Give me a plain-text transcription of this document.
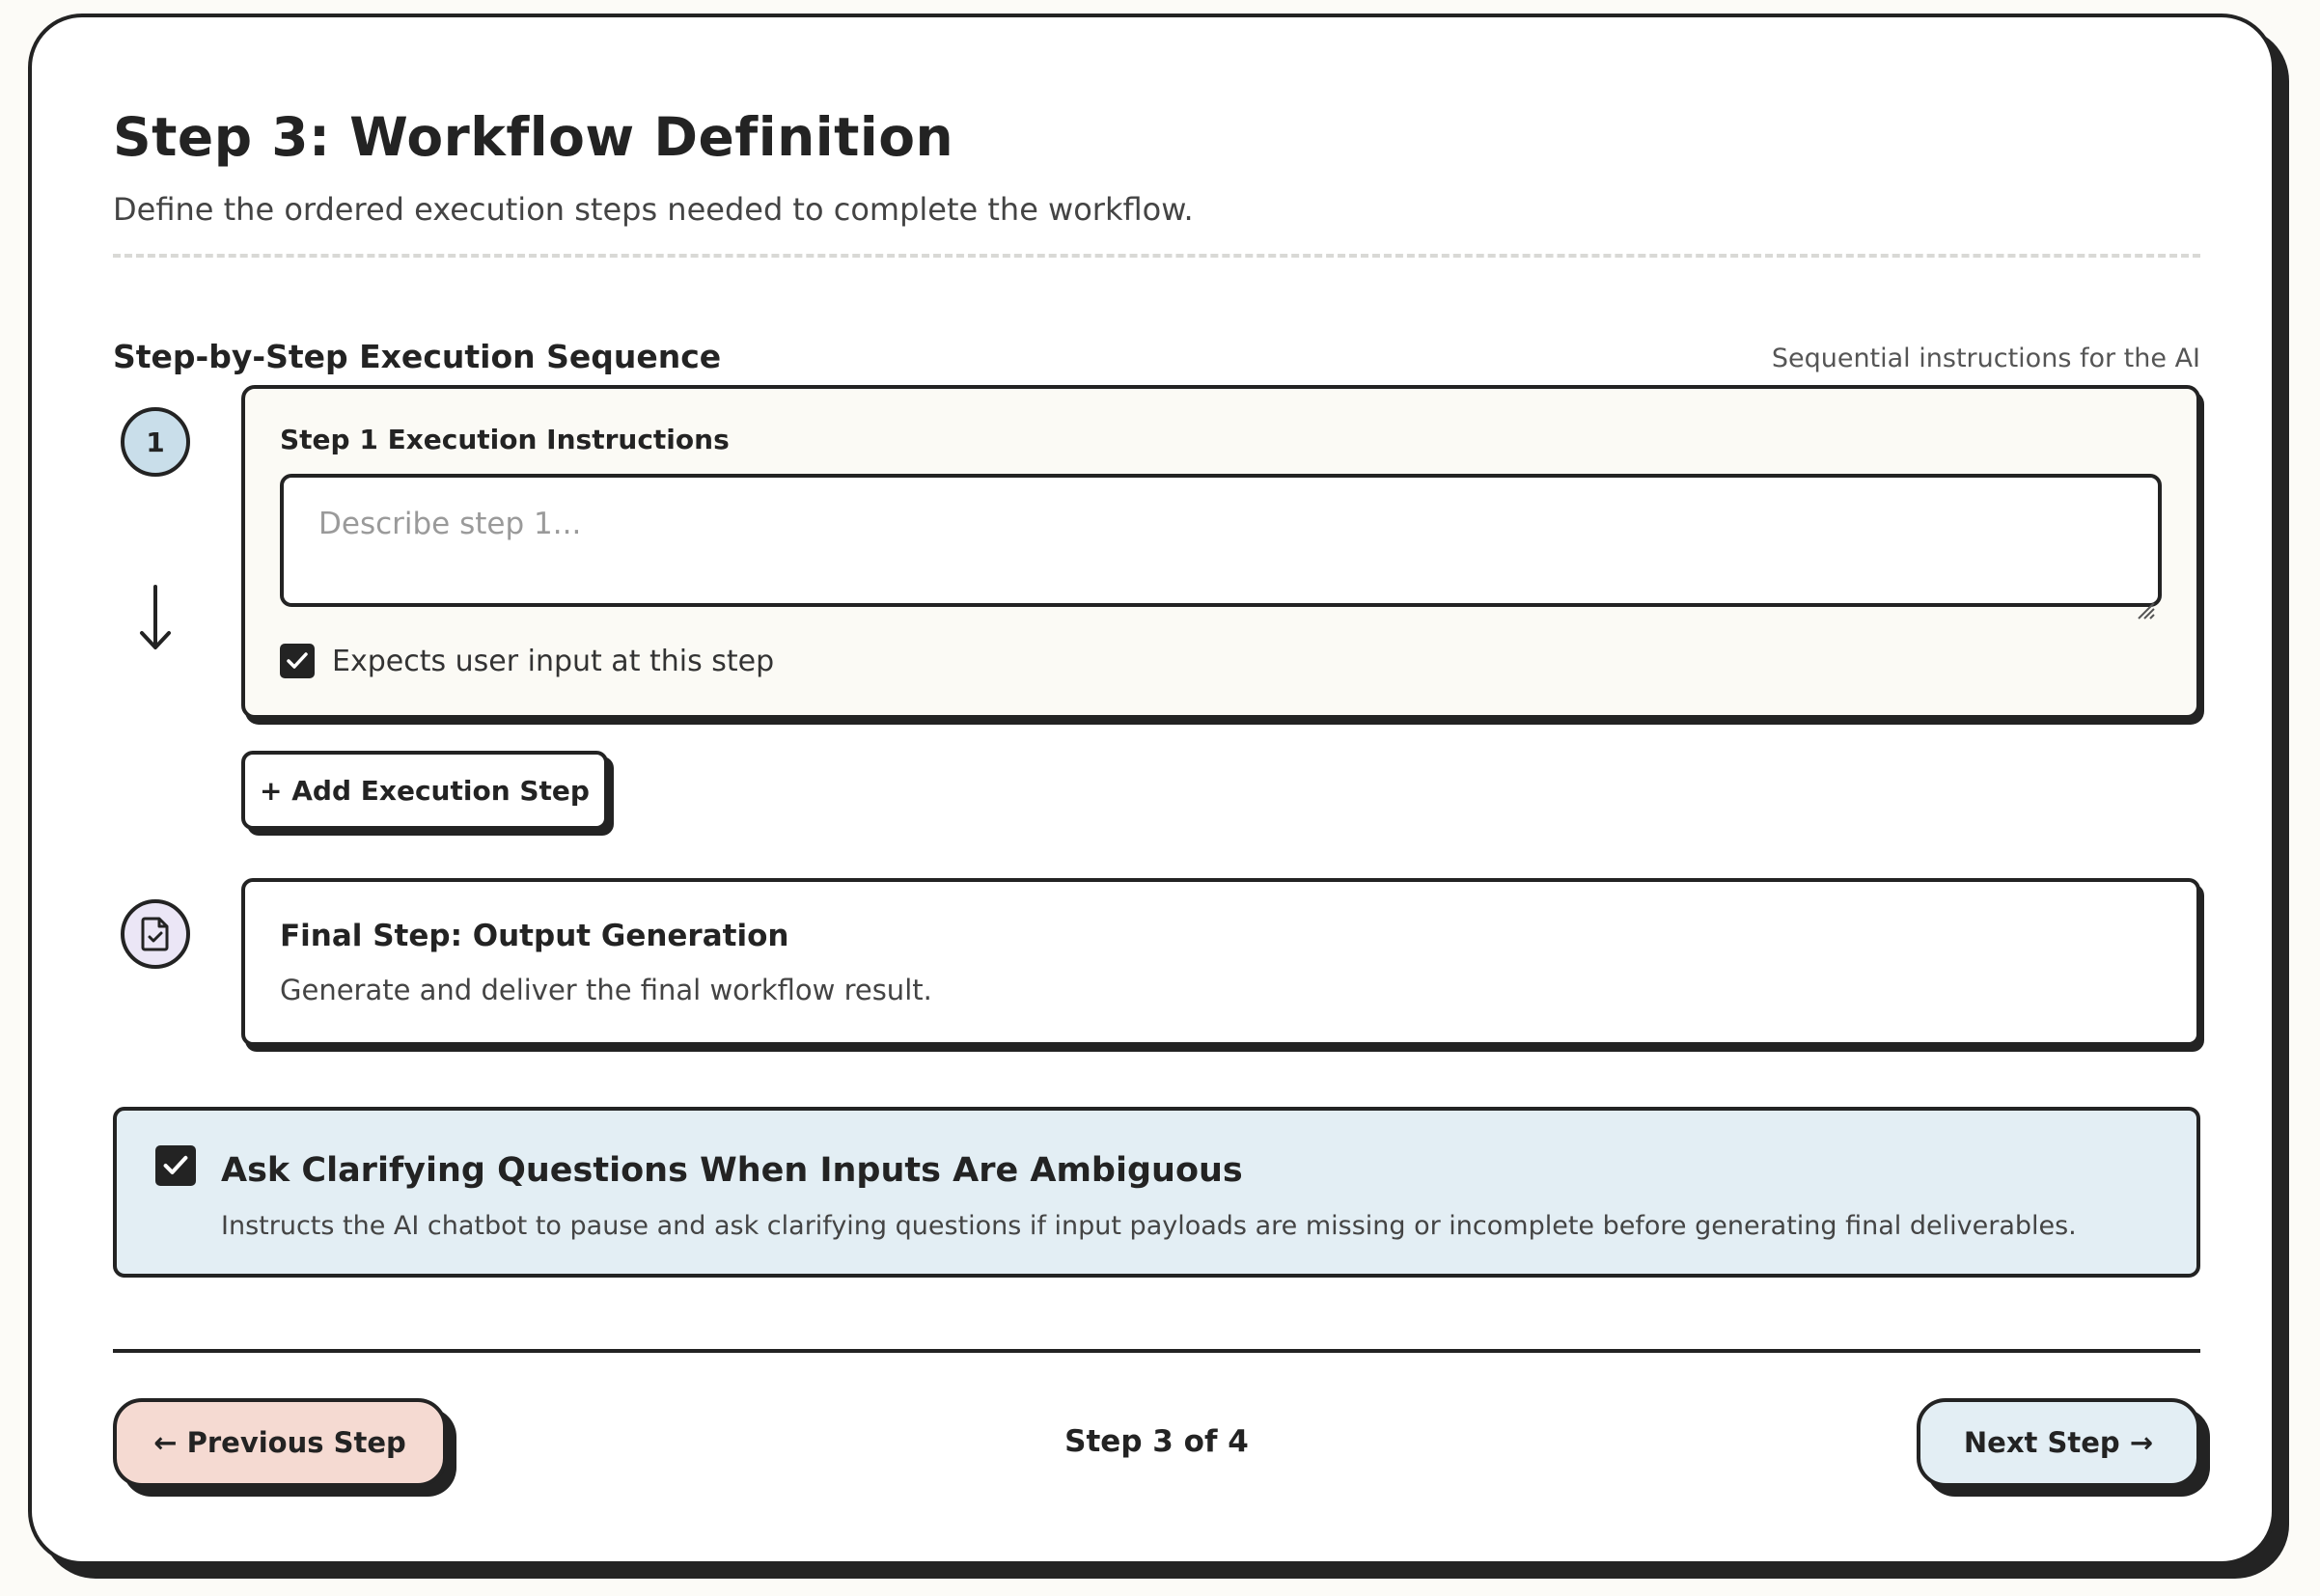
Step 3: Workflow Definition
Define the ordered execution steps needed to complete the workflow.
Step-by-Step Execution Sequence	Sequential instructions for the AI
1	Step 1 Execution Instructions
Describe step 1...
Expects user input at this step
+ Add Execution Step
Final Step: Output Generation
Generate and deliver the final workflow result.
Ask Clarifying Questions When Inputs Are Ambiguous
Instructs the AI chatbot to pause and ask clarifying questions if input payloads are missing or incomplete before generating final deliverables.
← Previous Step	Step 3 of 4	Next Step →
